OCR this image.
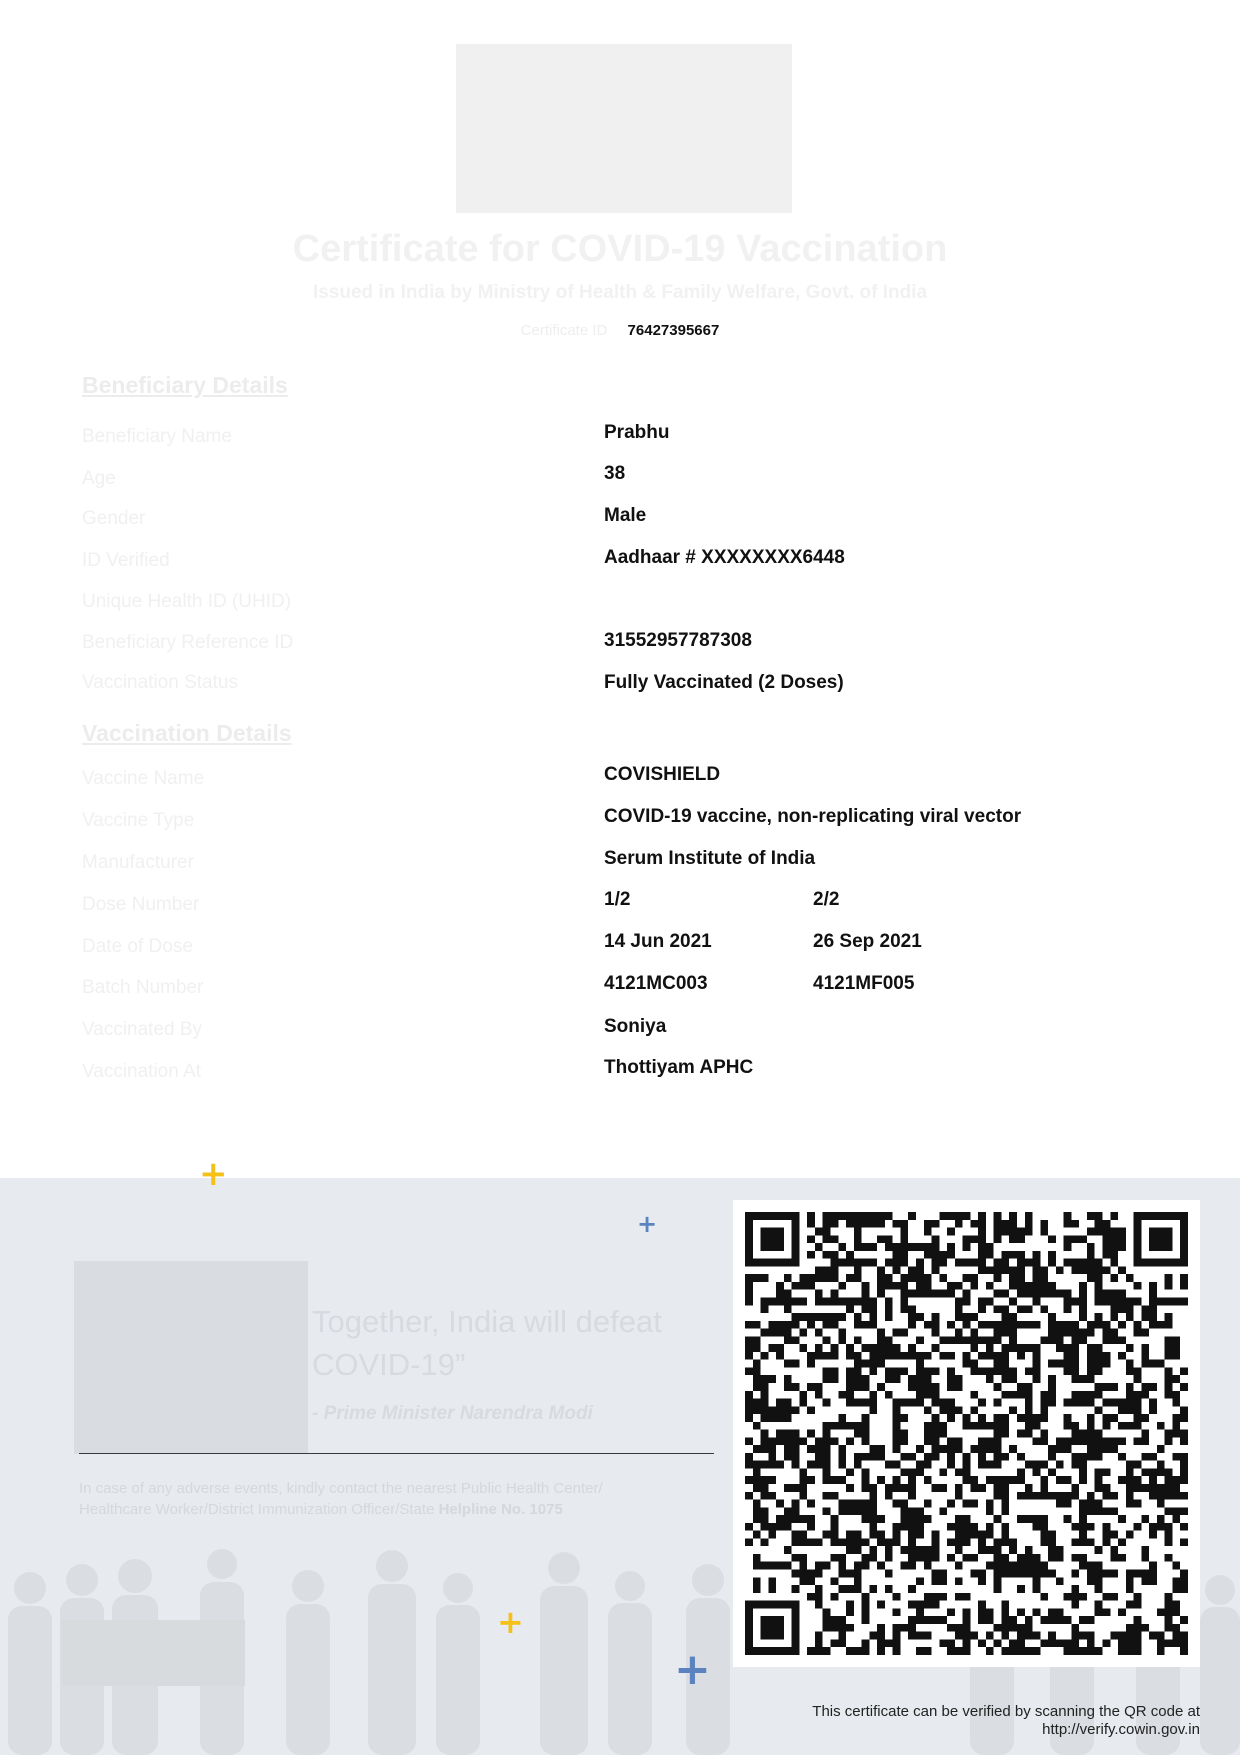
Certificate for COVID-19 Vaccination
Issued in India by Ministry of Health & Family Welfare, Govt. of India
Certificate ID 76427395667
Beneficiary Details
Beneficiary Name	Prabhu
Age	38
Gender	Male
ID Verified	Aadhaar # XXXXXXXX6448
Unique Health ID (UHID)
Beneficiary Reference ID	31552957787308
Vaccination Status	Fully Vaccinated (2 Doses)
Vaccination Details
Vaccine Name	COVISHIELD
Vaccine Type	COVID-19 vaccine, non-replicating viral vector
Manufacturer	Serum Institute of India
Dose Number	1/2	2/2
Date of Dose	14 Jun 2021	26 Sep 2021
Batch Number	4121MC003	4121MF005
Vaccinated By	Soniya
Vaccination At	Thottiyam APHC
Together, India will defeat COVID-19”
- Prime Minister Narendra Modi
In case of any adverse events, kindly contact the nearest Public Health Center/ Healthcare Worker/District Immunization Officer/State Helpline No. 1075
+
+
+
+
This certificate can be verified by scanning the QR code at
http://verify.cowin.gov.in
